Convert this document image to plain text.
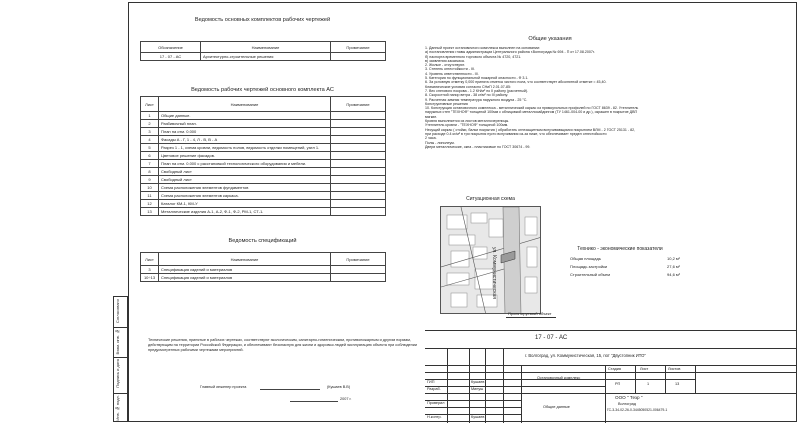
Согласовано
Взам. инв. №
Подпись и дата
Инв. № подл.
Ведомость основных комплектов рабочих чертежей
Обозначение	Наименование	Примечание
17 - 07 - АС	Архитектурно-строительные решения	
Ведомость рабочих чертежей основного комплекта АС
Лист	Наименование	Примечание
1	Общие данные.	
2	Разбивочный план.	
3	План на отм. 0.000	
4	Фасады А - Г, 1 - 4, Л - В, В - А	
5	Разрез 1 - 1, схема кровли, ведомость полов, ведомость отделки помещений, узел 1.	
6	Цветовое решение фасадов.	
7	План на отм. 0.000 с расстановкой технологического оборудования и мебели.	
8	Свободный лист	
9	Свободный лист	
10	Схема расположения элементов фундаментов	
11	Схема расположения элементов каркаса.	
12	Каталог КМ-1, КМ-У	
13	Металлические изделия А-1, А-2, Ф-1, Ф-2, РМ-1, СТ-1.	
Ведомость спецификаций
Лист	Наименование	Примечание
3	Спецификация изделий и материалов	
10÷13	Спецификация изделий и материалов	
Общие указания
1. Данный проект остановочного комплекса выполнен на основании:
а) постановления главы администрации Центрального района г.Волгограда № 694 - П от 17.08.2007г.
б) паспорта временного торгового объекта № 4720, 4721.
в) заявления заказчика.
2. Жилые - отсутствуют.
3. Степень огнестойкости - III.
4. Уровень ответственности - III.
5. Категория по функциональной пожарной опасности - Ф 3.1.
6. За условную отметку 0,000 принята отметка чистого пола, что соответствует абсолютной отметке = 45,40.
Климатические условия согласно СНиП 2.01.07-85:
7. Вес снегового покрова - 1.2 КН/м² по II району (расчетный).
8. Скоростной напор ветра - 38 кг/м² по III району.
9. Расчетная зимняя температура наружного воздуха - 25 °С.
Конструктивные решения
10. Конструкция остановочного комплекса - металлический каркас из прямоугольных профилей по ГОСТ 8639 - 82. Утеплитель
наружных стен "ТЕХНОФ" толщиной 100мм с облицовкой металлосайдингом (ТУ 1461-004-00 и др.), окрашен в покрытие ДВП
мягкие.
Кровля выполняется из листов металлочерепицы.
Утеплитель кровли - "ТЕХНОФ" толщиной 100мм.
Несущий каркас ( стойки, балки покрытия ) обработать огнезащитным вспучивающимся покрытием ВЛМ - 2 ГОСТ 25131 - 82,
при расходе 0.4 кг/м² в три покрытия пусто вспучивания из-за ниже, что обеспечивает предел огнестойкости
2 часа.
Полы - линолеум.
Двери металлические, окна - пластиковые по ГОСТ 30674 - 99.
Ситуационная схема
ул. Коммунистическая
Проектируемый объект
Технико - экономические показатели
Общая площадь	10,2 м²
Площадь застройки	27,6 м²
Строительный объем	94,6 м³
Технические решения, принятые в рабочих чертежах, соответствуют экологическим, санитарно-гигиеническим, противопожарным и другим нормам, действующим на территории Российской Федерации, и обеспечивают безопасную для жизни и здоровья людей эксплуатацию объекта при соблюдении предусмотренных рабочими чертежами мероприятий.
Главный инженер проекта	(Кушаев В.В)
2007 г.
17 - 07 - АС
г. Волгоград, ул. Коммунистическая, 15, пот "Двустопник ИТО"
ГИП
Разраб.
Проверил
Н.контр.
Кушаев
Минуш
Кушаев
Остановочный комплекс
Общие данные
Стадия	Лист	Листов
РП	1	13
ООО " Тезр "
Волгоград
ГС-3-34-02-26-0-3445050521-006479-1
